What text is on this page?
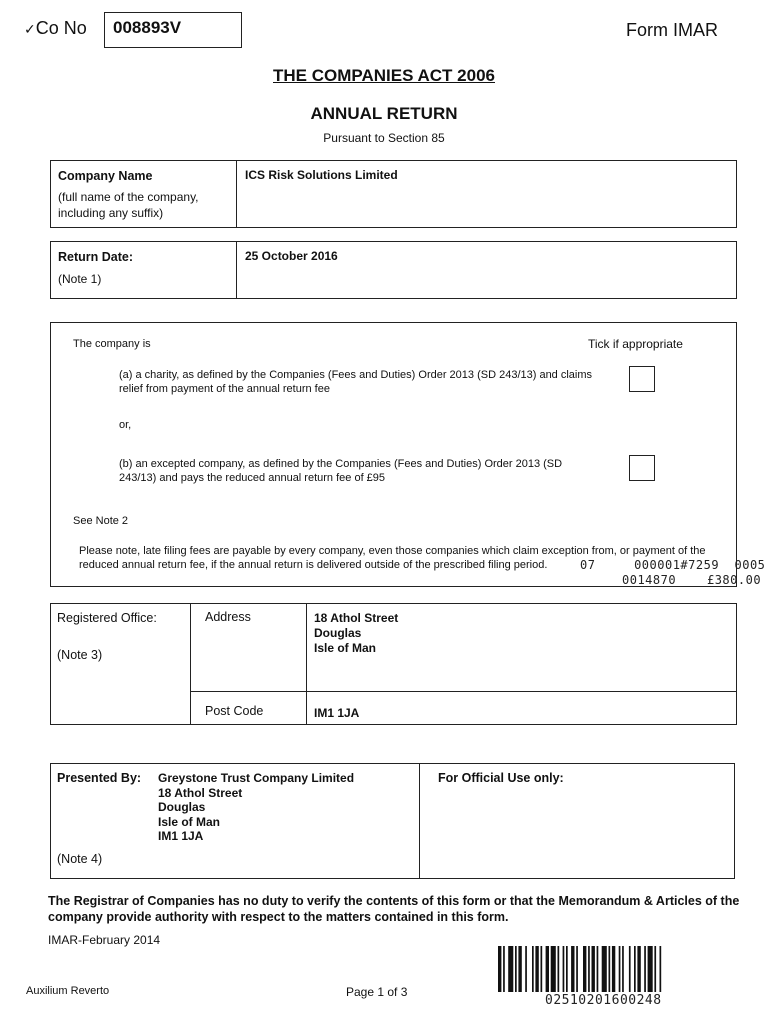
✓Co No	008893V	Form IMAR
THE COMPANIES ACT 2006
ANNUAL RETURN
Pursuant to Section 85
Company Name
(full name of the company, including any suffix)
ICS Risk Solutions Limited
Return Date:
(Note 1)
25 October 2016
The company is	Tick if appropriate
(a) a charity, as defined by the Companies (Fees and Duties) Order 2013 (SD 243/13) and claims relief from payment of the annual return fee
or,
(b) an excepted company, as defined by the Companies (Fees and Duties) Order 2013 (SD 243/13) and pays the reduced annual return fee of £95
See Note 2
Please note, late filing fees are payable by every company, even those companies which claim exception from, or payment of the reduced annual return fee, if the annual return is delivered outside of the prescribed filing period.	07     000001#7259  0005
0014870    £380.00
Registered Office:
(Note 3)
Address	18 Athol Street
Douglas
Isle of Man
Post Code	IM1 1JA
Presented By: Greystone Trust Company Limited
18 Athol Street
Douglas
Isle of Man
IM1 1JA
(Note 4)
For Official Use only:
The Registrar of Companies has no duty to verify the contents of this form or that the Memorandum & Articles of the company provide authority with respect to the matters contained in this form.
IMAR-February 2014
Auxilium Reverto	Page 1 of 3
02510201600248
